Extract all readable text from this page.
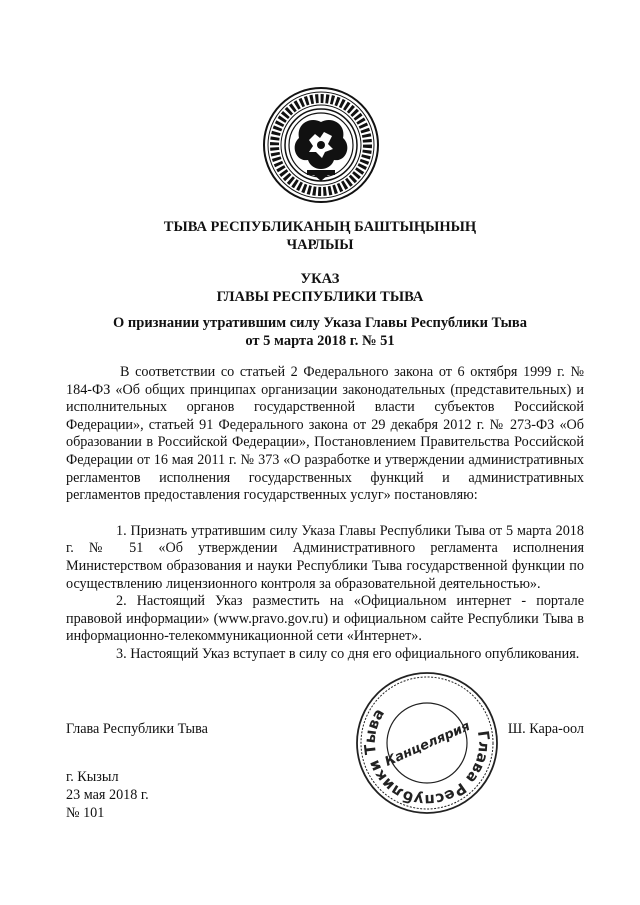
ТЫВА РЕСПУБЛИКАНЫҢ БАШТЫҢЫНЫҢ
ЧАРЛЫЫ
УКАЗ
ГЛАВЫ РЕСПУБЛИКИ ТЫВА
О признании утратившим силу Указа Главы Республики Тыва
от 5 марта 2018 г. № 51

В соответствии со статьей 2 Федерального закона от 6 октября 1999 г. № 184-ФЗ «Об общих принципах организации законодательных (представительных) и исполнительных органов государственной власти субъектов Российской Федерации», статьей 91 Федерального закона от 29 декабря 2012 г. № 273-ФЗ «Об образовании в Российской Федерации», Постановлением Правительства Российской Федерации от 16 мая 2011 г. № 373 «О разработке и утверждении административных регламентов исполнения государственных функций и административных регламентов предоставления государственных услуг» постановляю:

1. Признать утратившим силу Указа Главы Республики Тыва от 5 марта 2018 г. № 51 «Об утверждении Административного регламента исполнения Министерством образования и науки Республики Тыва государственной функции по осуществлению лицензионного контроля за образовательной деятельностью».

2. Настоящий Указ разместить на «Официальном интернет - портале правовой информации» (www.pravo.gov.ru) и официальном сайте Республики Тыва в информационно-телекоммуникационной сети «Интернет».

3. Настоящий Указ вступает в силу со дня его официального опубликования.

Глава Республики Тыва
Канцелярия
Глава Республики Тыва	Ш. Кара-оол
г. Кызыл
23 мая 2018 г.
№ 101
